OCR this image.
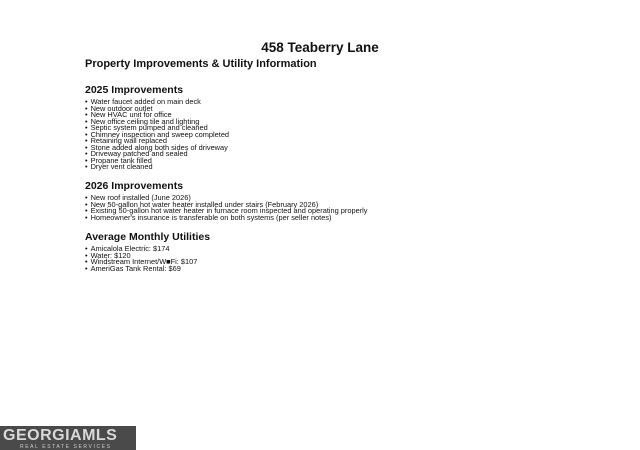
458 Teaberry Lane
Property Improvements & Utility Information
2025 Improvements
• Water faucet added on main deck
• New outdoor outlet
• New HVAC unit for office
• New office ceiling tile and lighting
• Septic system pumped and cleaned
• Chimney inspection and sweep completed
• Retaining wall replaced
• Stone added along both sides of driveway
• Driveway patched and sealed
• Propane tank filled
• Dryer vent cleaned
2026 Improvements
• New roof installed (June 2026)
• New 50-gallon hot water heater installed under stairs (February 2026)
• Existing 50-gallon hot water heater in furnace room inspected and operating properly
• Homeowner's insurance is transferable on both systems (per seller notes)
Average Monthly Utilities
• Amicalola Electric: $174
• Water: $120
• Windstream Internet/W■Fi: $107
• AmeriGas Tank Rental: $69
GEORGIAMLS
REAL ESTATE SERVICES
